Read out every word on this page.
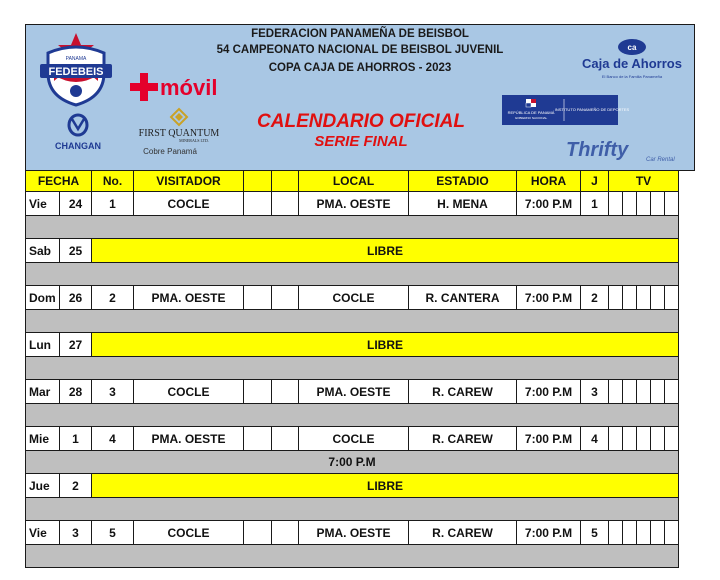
FEDERACION PANAMEÑA DE BEISBOL
54 CAMPEONATO NACIONAL DE BEISBOL JUVENIL
COPA CAJA DE AHORROS - 2023
FEDEBEIS
PANAMA
móvil
CHANGAN
FIRST QUANTUM
MINERALS LTD.
Cobre Panamá
CALENDARIO OFICIAL
SERIE FINAL
ca
Caja de Ahorros
El Banco de la Familia Panameña
REPÚBLICA DE PANAMÁ
GOBIERNO NACIONAL
INSTITUTO PANAMEÑO DE DEPORTES
Thrifty	Car Rental
FECHA		No.	VISITADOR			LOCAL	ESTADIO	HORA	J	TV				
Vie	24	1	COCLE			PMA. OESTE	H. MENA	7:00 P.M	1					

Sab	25	LIBRE												

Dom	26	2	PMA. OESTE			COCLE	R. CANTERA	7:00 P.M	2					

Lun	27	LIBRE												

Mar	28	3	COCLE			PMA. OESTE	R. CAREW	7:00 P.M	3					

Mie	1	4	PMA. OESTE			COCLE	R. CAREW	7:00 P.M	4					
7:00 P.M														
Jue	2	LIBRE												

Vie	3	5	COCLE			PMA. OESTE	R. CAREW	7:00 P.M	5					
